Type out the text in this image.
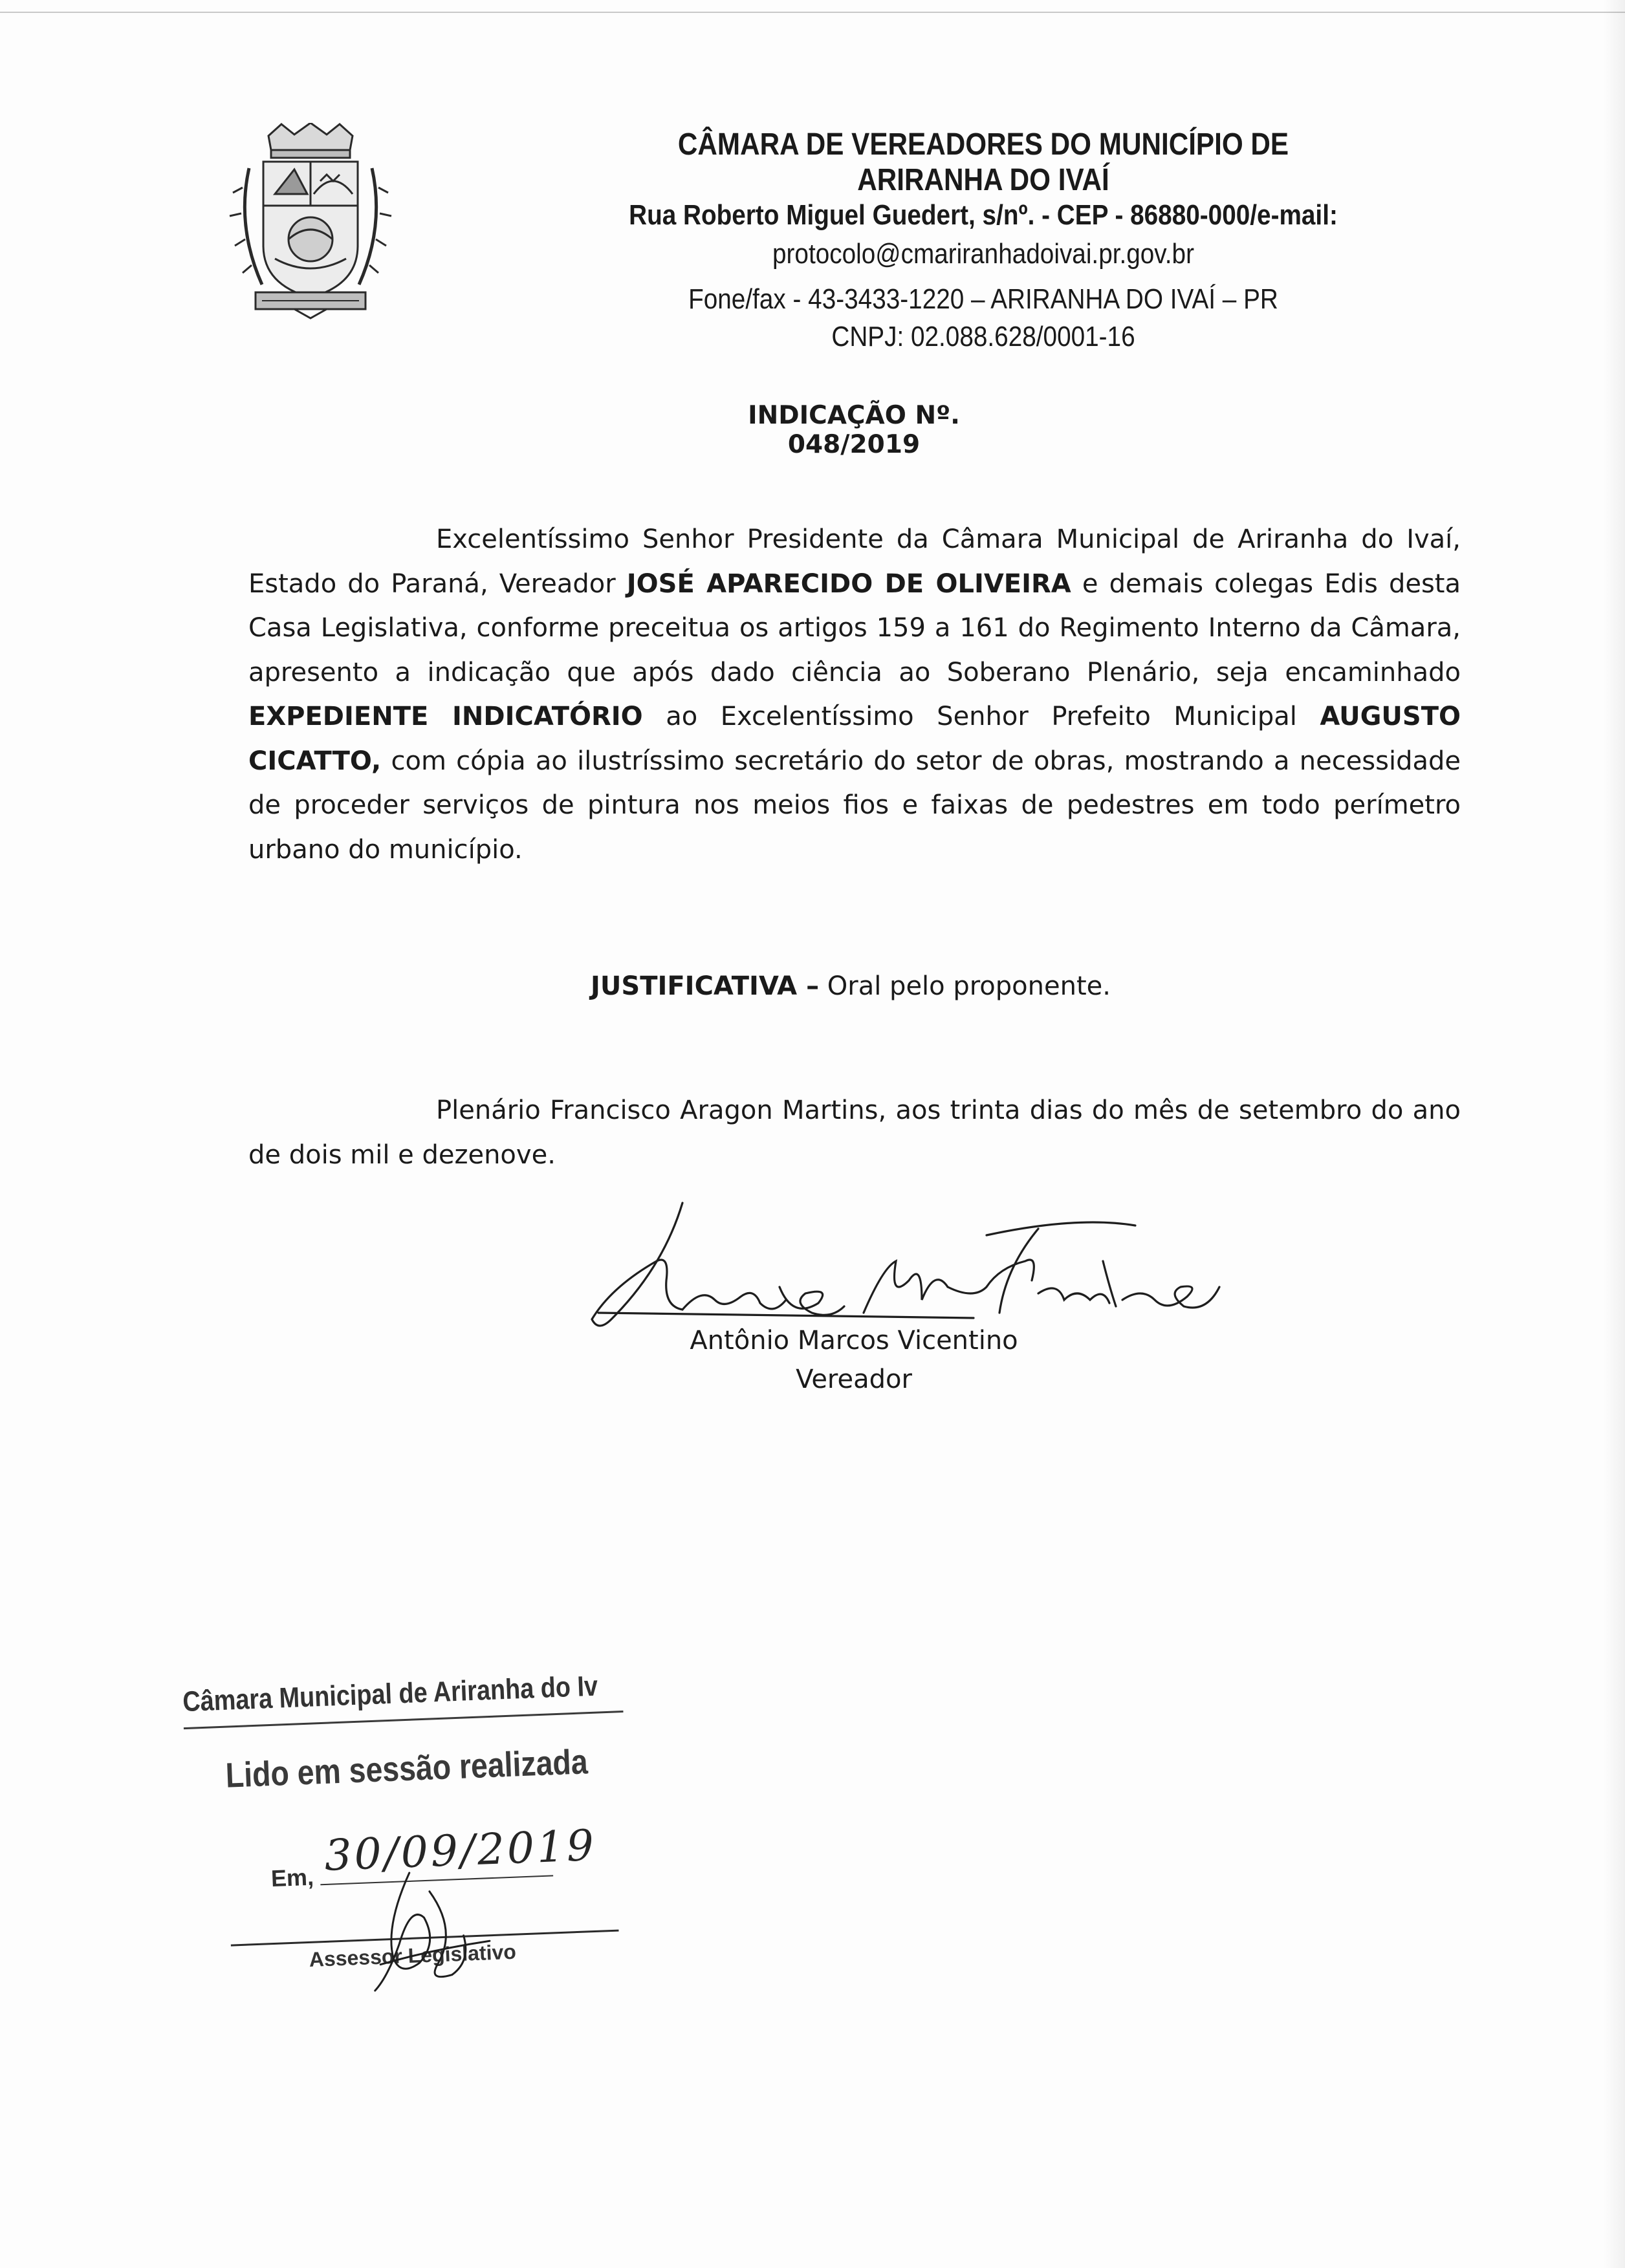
CÂMARA DE VEREADORES DO MUNICÍPIO DE ARIRANHA DO IVAÍ
Rua Roberto Miguel Guedert, s/nº. - CEP - 86880-000/e-mail:
protocolo@cmariranhadoivai.pr.gov.br
Fone/fax - 43-3433-1220 – ARIRANHA DO IVAÍ – PR
CNPJ: 02.088.628/0001-16
INDICAÇÃO Nº. 048/2019
Excelentíssimo Senhor Presidente da Câmara Municipal de Ariranha do Ivaí, Estado do Paraná, Vereador JOSÉ APARECIDO DE OLIVEIRA e demais colegas Edis desta Casa Legislativa, conforme preceitua os artigos 159 a 161 do Regimento Interno da Câmara, apresento a indicação que após dado ciência ao Soberano Plenário, seja encaminhado EXPEDIENTE INDICATÓRIO ao Excelentíssimo Senhor Prefeito Municipal AUGUSTO CICATTO, com cópia ao ilustríssimo secretário do setor de obras, mostrando a necessidade de proceder serviços de pintura nos meios fios e faixas de pedestres em todo perímetro urbano do município.
JUSTIFICATIVA – Oral pelo proponente.
Plenário Francisco Aragon Martins, aos trinta dias do mês de setembro do ano de dois mil e dezenove.
Antônio Marcos Vicentino
Vereador
Câmara Municipal de Ariranha do Iv
Lido em sessão realizada
Em, 30/09/2019
Assessor Legislativo
